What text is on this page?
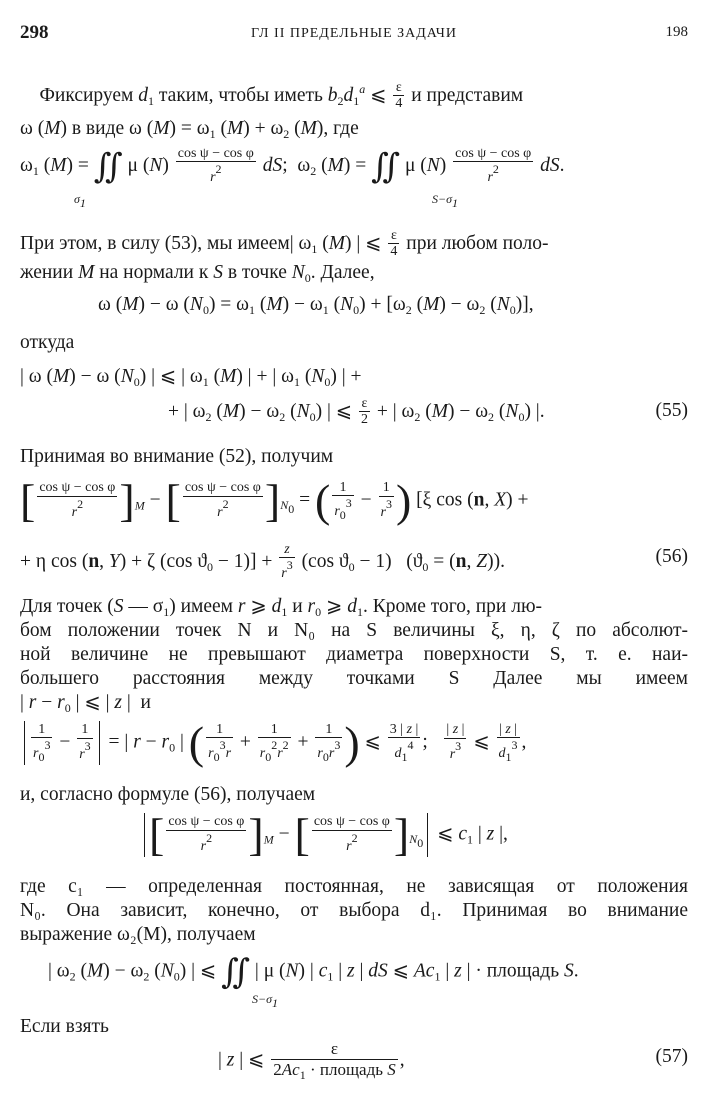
298	ГЛ II ПРЕДЕЛЬНЫЕ ЗАДАЧИ	198
Фиксируем $d_1$ таким, чтобы иметь $b_2d_1^a$ ⩽ $\frac{\varepsilon}{4}$ и представим
ω (M) в виде ω $(M) = \omega_1$ $(M) + \omega_2$ (M), где
$\omega_1$ (M) = ∬ μ $(N) \frac{\text{cos ψ − cos φ}}{r^2}$ dS;  $\omega_2$ (M) = ∬ μ $(N) \frac{\text{cos ψ − cos φ}}{r^2}$ dS.
$\sigma_1$	$S-\sigma_1$
При этом, в силу (53), мы имеем| $\omega_1$ (M) | ⩽ $\frac{\varepsilon}{4}$ при любом поло-
жении M на нормали к S в точке $N_0$. Далее,
ω (M) − ω $(N_0) = \omega_1$ $(M) - \omega_1$ $(N_0) + [\omega_2$ $(M) - \omega_2$ $(N_0)$],
откуда
| ω (M) − ω $(N_0)$ | ⩽ | $\omega_1$ (M) | + | $\omega_1$ $(N_0)$ | +
+ | $\omega_2$ $(M) - \omega_2$ $(N_0)$ | ⩽ $\frac{\varepsilon}{2}$ + | $\omega_2$ $(M) - \omega_2$ $(N_0)$ |.	(55)
Принимая во внимание (52), получим
[ $\frac{\text{cos ψ − cos φ}}{r^2} ]_M$ − [ $\frac{\text{cos ψ − cos φ}}{r^2} ]_{N_0}$ = ( $\frac{1}{r_0^3} - \frac{1}{r^3}$ ) [ξ cos (n, X) +
+ η cos (n, Y) + ζ (cos $ϑ_0 - 1)] + \frac{z}{r^3} (\cos$ $ϑ_0 - 1$)   ($ϑ_0 = (n$, Z)).	(56)
Для точек (S — $\sigma_1$) имеем r ⩾ $d_1$ и $r_0$ ⩾ $d_1$. Кроме того, при лю-
бом положении точек N и N₀ на S величины ξ, η, ζ по абсолют-
ной величине не превышают диаметра поверхности S, т. е. наи-
большего расстояния между точками S Далее мы имеем
| $r - r_0$ | ⩽ | z |  и
$\frac{1}{r_0^3} - \frac{1}{r^3}$ = | $r - r_0$ | ( $\frac{1}{r_0^3r} + \frac{1}{r_0^2r^2} + \frac{1}{r_0r^3}$ ) ⩽ $\frac{3 | z |}{d_1^4}$ ; $\frac{| z |}{r^3}$ ⩽ $\frac{| z |}{d_1^3}$ ,
и, согласно формуле (56), получаем
[ $\frac{\text{cos ψ − cos φ}}{r^2} ]_M$ − [ $\frac{\text{cos ψ − cos φ}}{r^2} ]_{N_0}$ ⩽ $c_1$ | z |,
где c₁ — определенная постоянная, не зависящая от положения
N₀. Она зависит, конечно, от выбора d₁. Принимая во внимание
выражение ω₂(M), получаем
| $\omega_2$ $(M) - \omega_2$ $(N_0)$ | ⩽ ∬ | μ (N) | $c_1$ | z | dS ⩽ $Ac_1$ | z | · площадь S.
$S-\sigma_1$
Если взять
| z | ⩽ $\frac{\varepsilon}{2Ac_1 \cdot площадь S}$ ,	(57)
